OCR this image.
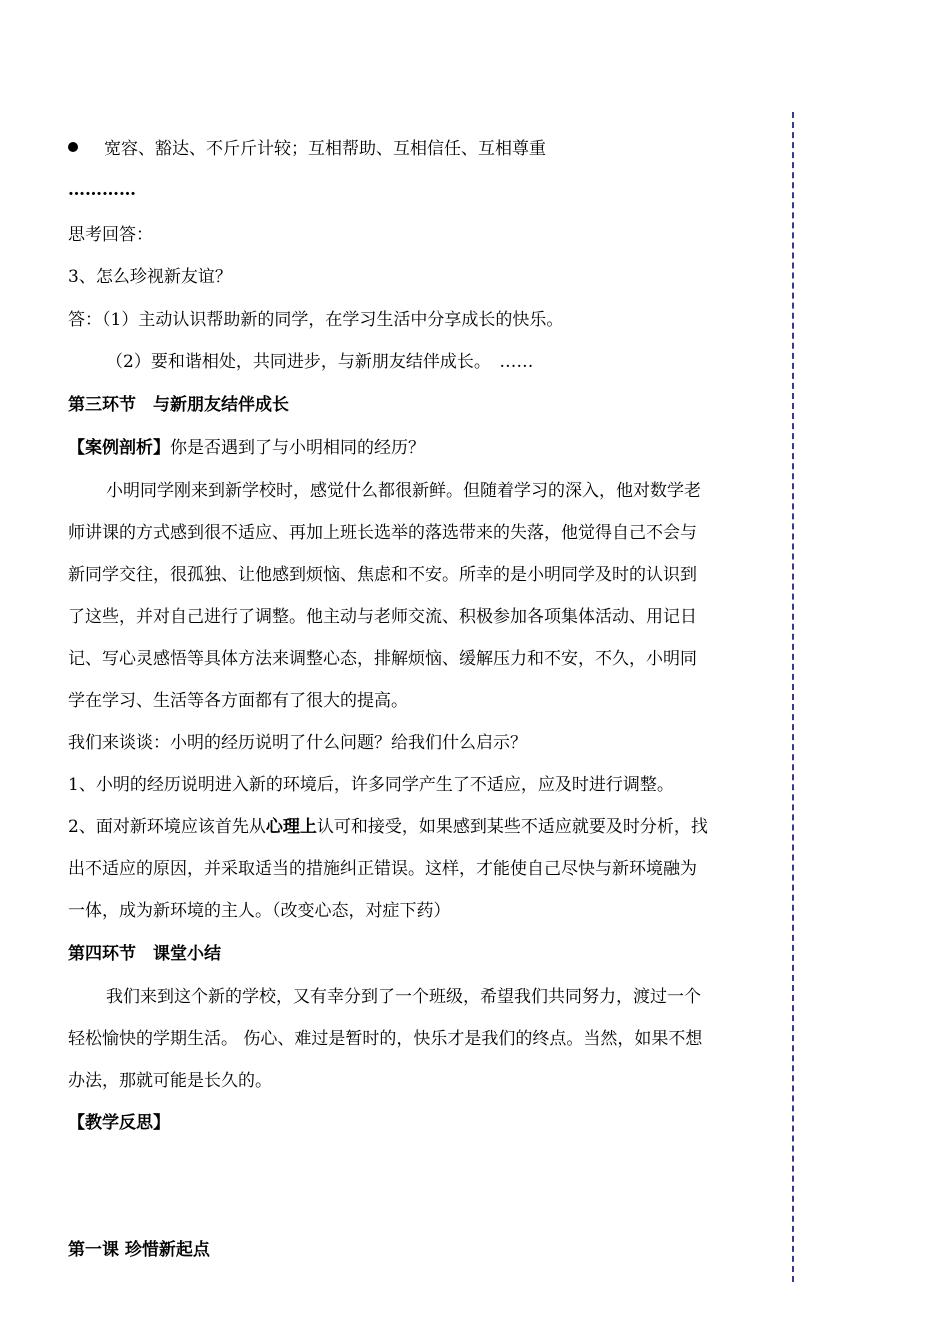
宽容、豁达、不斤斤计较；互相帮助、互相信任、互相尊重
…………
思考回答：
3、怎么珍视新友谊？
答：（1）主动认识帮助新的同学，在学习生活中分享成长的快乐。
（2）要和谐相处，共同进步，与新朋友结伴成长。　……
第三环节　与新朋友结伴成长
【案例剖析】你是否遇到了与小明相同的经历？
小明同学刚来到新学校时，感觉什么都很新鲜。但随着学习的深入，他对数学老
师讲课的方式感到很不适应、再加上班长选举的落选带来的失落，他觉得自己不会与
新同学交往，很孤独、让他感到烦恼、焦虑和不安。所幸的是小明同学及时的认识到
了这些，并对自己进行了调整。他主动与老师交流、积极参加各项集体活动、用记日
记、写心灵感悟等具体方法来调整心态，排解烦恼、缓解压力和不安，不久，小明同
学在学习、生活等各方面都有了很大的提高。
我们来谈谈：小明的经历说明了什么问题？给我们什么启示？
1、小明的经历说明进入新的环境后，许多同学产生了不适应，应及时进行调整。
2、面对新环境应该首先从心理上认可和接受，如果感到某些不适应就要及时分析，找
出不适应的原因，并采取适当的措施纠正错误。这样，才能使自己尽快与新环境融为
一体，成为新环境的主人。（改变心态，对症下药）
第四环节　课堂小结
我们来到这个新的学校，又有幸分到了一个班级，希望我们共同努力，渡过一个
轻松愉快的学期生活。 伤心、难过是暂时的，快乐才是我们的终点。当然，如果不想
办法，那就可能是长久的。
【教学反思】
第一课 珍惜新起点
